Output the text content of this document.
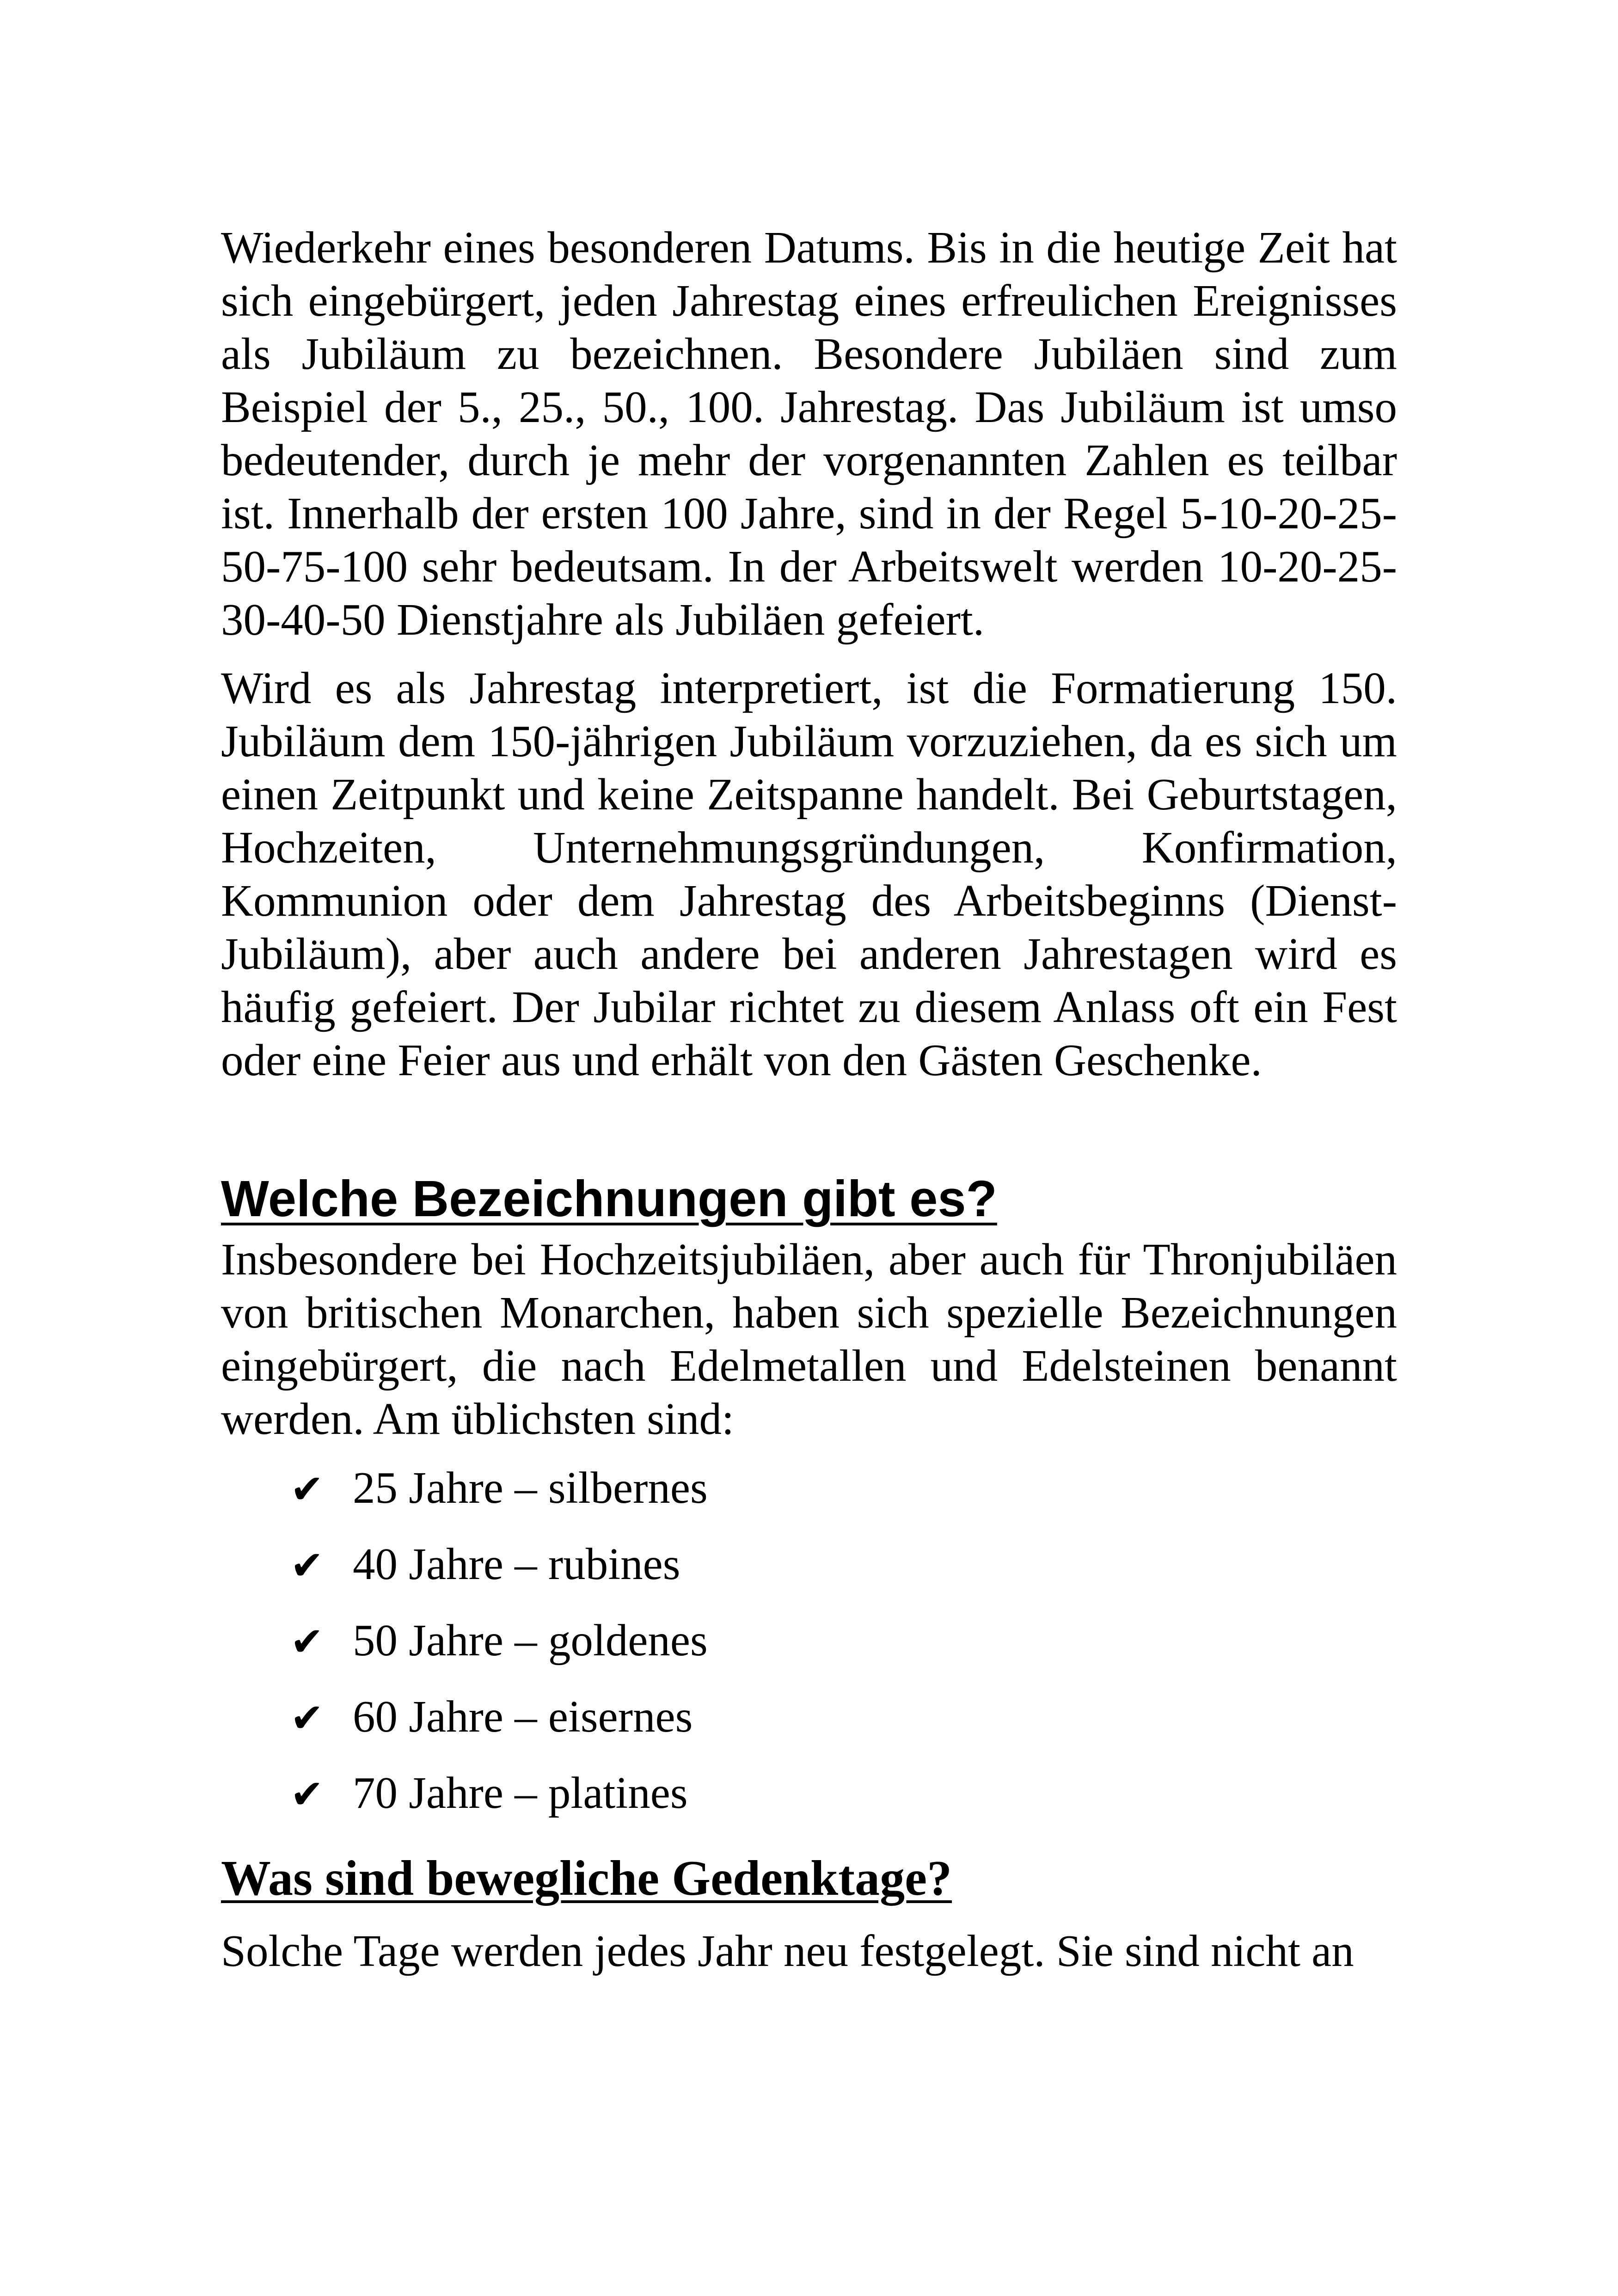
Wiederkehr eines besonderen Datums. Bis in die heutige Zeit hat sich eingebürgert, jeden Jahrestag eines erfreulichen Ereignisses als Jubiläum zu bezeichnen. Besondere Jubiläen sind zum Beispiel der 5., 25., 50., 100. Jahrestag. Das Jubiläum ist umso bedeutender, durch je mehr der vorgenannten Zahlen es teilbar ist. Innerhalb der ersten 100 Jahre, sind in der Regel 5-10-20-25-50-75-100 sehr bedeutsam. In der Arbeitswelt werden 10-20-25-30-40-50 Dienstjahre als Jubiläen gefeiert.

Wird es als Jahrestag interpretiert, ist die Formatierung 150. Jubiläum dem 150-jährigen Jubiläum vorzuziehen, da es sich um einen Zeitpunkt und keine Zeitspanne handelt. Bei Geburtstagen, Hochzeiten, Unternehmungsgründungen, Konfirmation, Kommunion oder dem Jahrestag des Arbeitsbeginns (Dienst-Jubiläum), aber auch andere bei anderen Jahrestagen wird es häufig gefeiert. Der Jubilar richtet zu diesem Anlass oft ein Fest oder eine Feier aus und erhält von den Gästen Geschenke.

Welche Bezeichnungen gibt es?

Insbesondere bei Hochzeitsjubiläen, aber auch für Thronjubiläen von britischen Monarchen, haben sich spezielle Bezeichnungen eingebürgert, die nach Edelmetallen und Edelsteinen benannt werden. Am üblichsten sind:

✔ 25 Jahre – silbernes
✔ 40 Jahre – rubines
✔ 50 Jahre – goldenes
✔ 60 Jahre – eisernes
✔ 70 Jahre – platines
Was sind bewegliche Gedenktage?

Solche Tage werden jedes Jahr neu festgelegt. Sie sind nicht an
